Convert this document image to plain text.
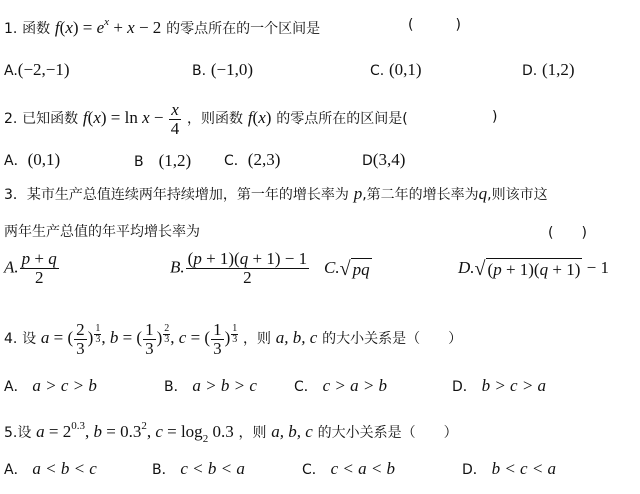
1. 函数 $f(x) = e^x + x - 2$ 的零点所在的一个区间是	(　　　)
A.(−2,−1)	B. (−1,0)	C. (0,1)	D. (1,2)
2. 已知函数 $f(x) = \ln x - \frac{x}{4}$ ，则函数 f(x) 的零点所在的区间是(	)
A．(0,1)	B　 (1,2) C．(2,3)	D(3,4)
3．某市生产总值连续两年持续增加，第一年的增长率为 p,第二年的增长率为q,则该市这
两年生产总值的年平均增长率为	(　　)
A. $\frac{p + q}{2}$	B. $\frac{(p + 1)(q + 1) - 1}{2} C$. √ pq	D. √ (p + 1)(q + 1) − 1
4. 设 a = ( $\frac{2}{3}$ ) $\frac{1}{3}$ , b = ( $\frac{1}{3}$ ) $\frac{2}{3}$ , c = ( $\frac{1}{3}$ ) $\frac{1}{3}$ ，则 a, b, c 的大小关系是（　　）
A． a > c > b	B． a > b > c	C． c > a > b	D． b > c > a
5.设 $a = 2^{0.3}$, $b = 0.3^2$, $c = \log_2 0.3$ ，则 a, b, c 的大小关系是（　　）
A． a < b < c	B． c < b < a	C． c < a < b	D． b < c < a
